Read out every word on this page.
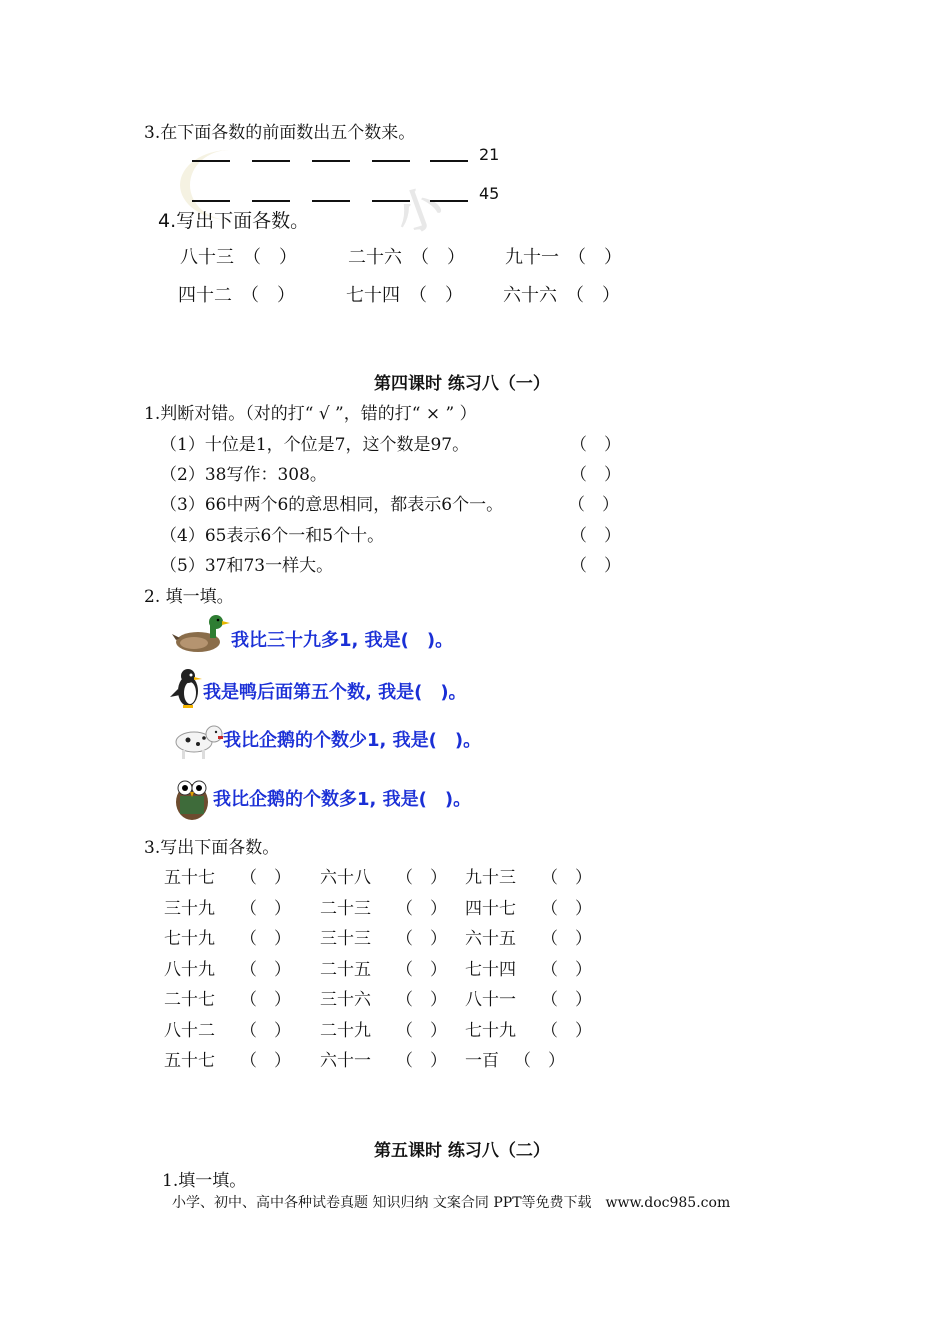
小
3.在下面各数的前面数出五个数来。
21
45
4.写出下面各数。
八十三　 （　）	二十六　 （　） 九十一　 （　）
四十二　 （　）	七十四　 （　） 六十六　 （　）
第四课时 练习八（一）
1.判断对错。（对的打“ √ ”，错的打“ × ” ）
（1）十位是1，个位是7，这个数是97。	（　）
（2）38写作：308。	（　）
（3）66中两个6的意思相同，都表示6个一。	（　）
（4）65表示6个一和5个十。	（　）
（5）37和73一样大。	（　）
2. 填一填。
我比三十九多1, 我是(　)。
我是鸭后面第五个数, 我是(　)。
我比企鹅的个数少1, 我是(　)。
我比企鹅的个数多1, 我是(　)。
3.写出下面各数。
五十七 （　） 六十八 （　） 九十三 （　）
三十九 （　） 二十三 （　） 四十七 （　）
七十九 （　） 三十三 （　） 六十五 （　）
八十九 （　） 二十五 （　） 七十四 （　）
二十七 （　） 三十六 （　） 八十一 （　）
八十二 （　） 二十九 （　） 七十九 （　）
五十七 （　） 六十一 （　） 一百 （　）
第五课时 练习八（二）
1.填一填。
小学、初中、高中各种试卷真题 知识归纳 文案合同 PPT等免费下载　www.doc985.com
